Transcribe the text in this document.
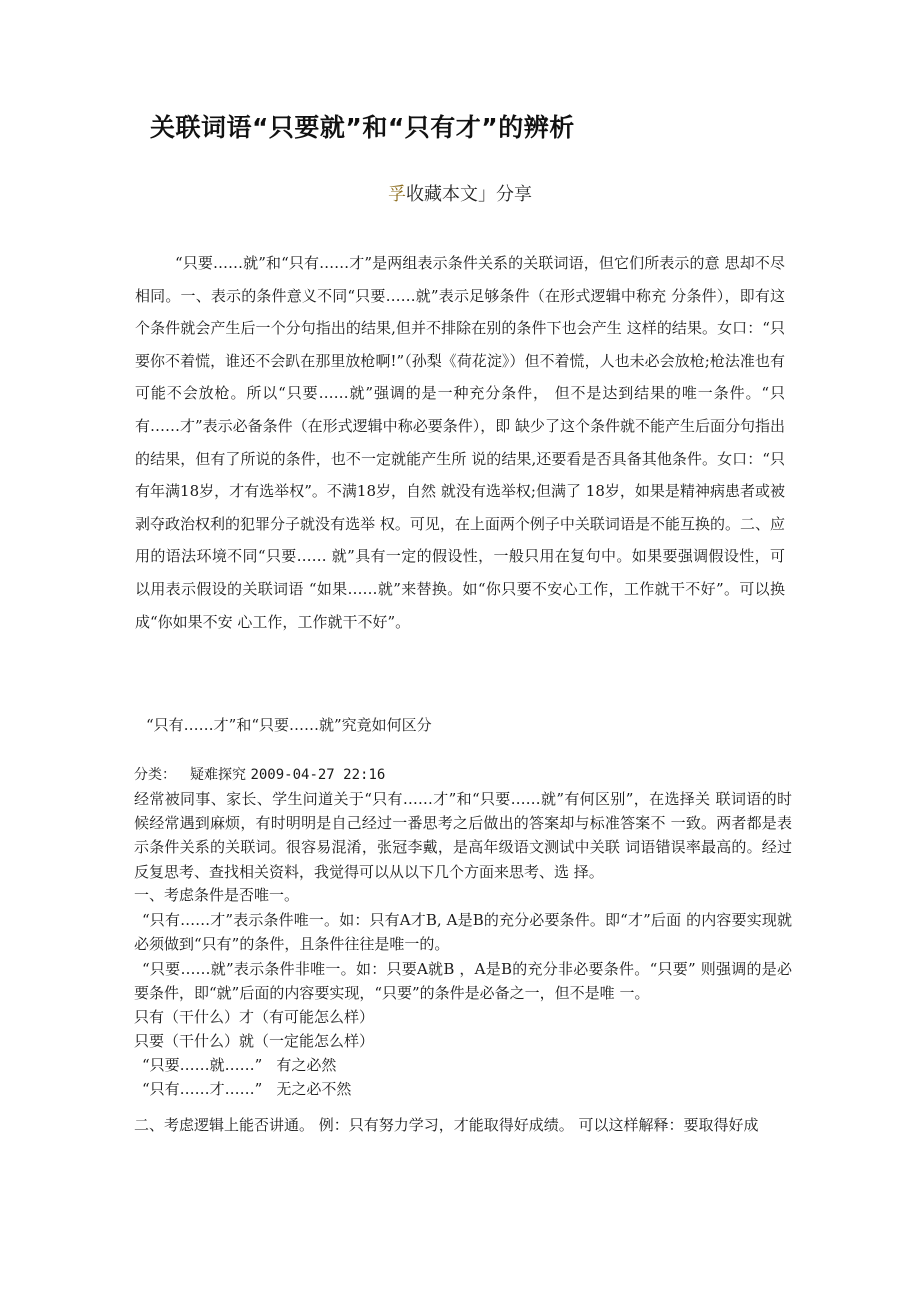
关联词语“只要就”和“只有才”的辨析
孚收藏本文」分享

“只要……就”和“只有……才”是两组表示条件关系的关联词语，但它们所表示的意 思却不尽相同。一、表示的条件意义不同“只要……就”表示足够条件（在形式逻辑中称充 分条件），即有这个条件就会产生后一个分句指出的结果,但并不排除在别的条件下也会产生 这样的结果。女口：“只要你不着慌，谁还不会趴在那里放枪啊!”（孙梨《荷花淀》）但不着慌，人也未必会放枪;枪法准也有可能不会放枪。所以“只要……就”强调的是一种充分条件， 但不是达到结果的唯一条件。“只有……才”表示必备条件（在形式逻辑中称必要条件），即 缺少了这个条件就不能产生后面分句指出的结果，但有了所说的条件，也不一定就能产生所 说的结果,还要看是否具备其他条件。女口：“只有年满18岁，才有选举权”。不满18岁，自然 就没有选举权;但满了 18岁，如果是精神病患者或被剥夺政治权利的犯罪分子就没有选举 权。可见，在上面两个例子中关联词语是不能互换的。二、应用的语法环境不同“只要…… 就”具有一定的假设性，一般只用在复句中。如果要强调假设性，可以用表示假设的关联词语 “如果……就”来替换。如“你只要不安心工作，工作就干不好”。可以换成“你如果不安 心工作，工作就干不好”。

“只有……才”和“只要……就”究竟如何区分

分类： 疑难探究 2009-04-27 22:16

经常被同事、家长、学生问道关于“只有……才”和“只要……就”有何区别”，在选择关 联词语的时候经常遇到麻烦，有时明明是自己经过一番思考之后做出的答案却与标准答案不 一致。两者都是表示条件关系的关联词。很容易混淆，张冠李戴，是高年级语文测试中关联 词语错误率最高的。经过反复思考、查找相关资料，我觉得可以从以下几个方面来思考、选 择。

一、考虑条件是否唯一。

“只有……才”表示条件唯一。如：只有A才B, A是B的充分必要条件。即“才”后面 的内容要实现就必须做到“只有”的条件，且条件往往是唯一的。

“只要……就”表示条件非唯一。如：只要A就B ，A是B的充分非必要条件。“只要” 则强调的是必要条件，即“就”后面的内容要实现，“只要”的条件是必备之一，但不是唯 一。

只有（干什么）才（有可能怎么样）

只要（干什么）就（一定能怎么样）

“只要……就……” 有之必然

“只有……才……” 无之必不然

二、考虑逻辑上能否讲通。 例：只有努力学习，才能取得好成绩。 可以这样解释：要取得好成
